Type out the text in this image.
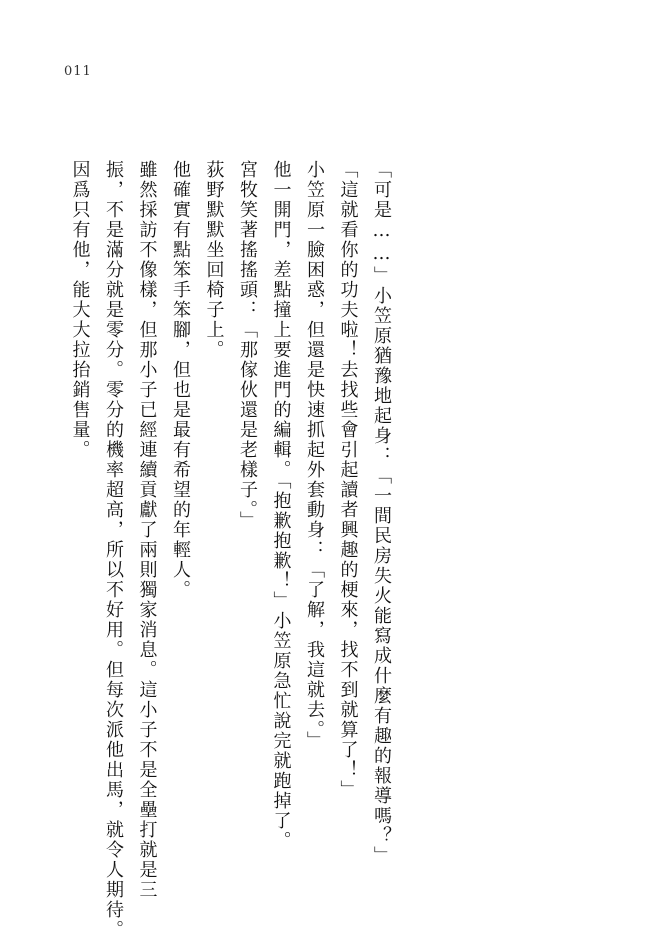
011
「可是……」小笠原猶豫地起身：「一間民房失火能寫成什麼有趣的報導嗎？」
「這就看你的功夫啦！去找些會引起讀者興趣的梗來，找不到就算了！」
小笠原一臉困惑，但還是快速抓起外套動身：「了解，我這就去。」
他一開門，差點撞上要進門的編輯。「抱歉抱歉！」小笠原急忙說完就跑掉了。
宮牧笑著搖搖頭：「那傢伙還是老樣子。」
荻野默默坐回椅子上。
他確實有點笨手笨腳，但也是最有希望的年輕人。
雖然採訪不像樣，但那小子已經連續貢獻了兩則獨家消息。這小子不是全壘打就是三
振，不是滿分就是零分。零分的機率超高，所以不好用。但每次派他出馬，就令人期待。
因爲只有他，能大大拉抬銷售量。
